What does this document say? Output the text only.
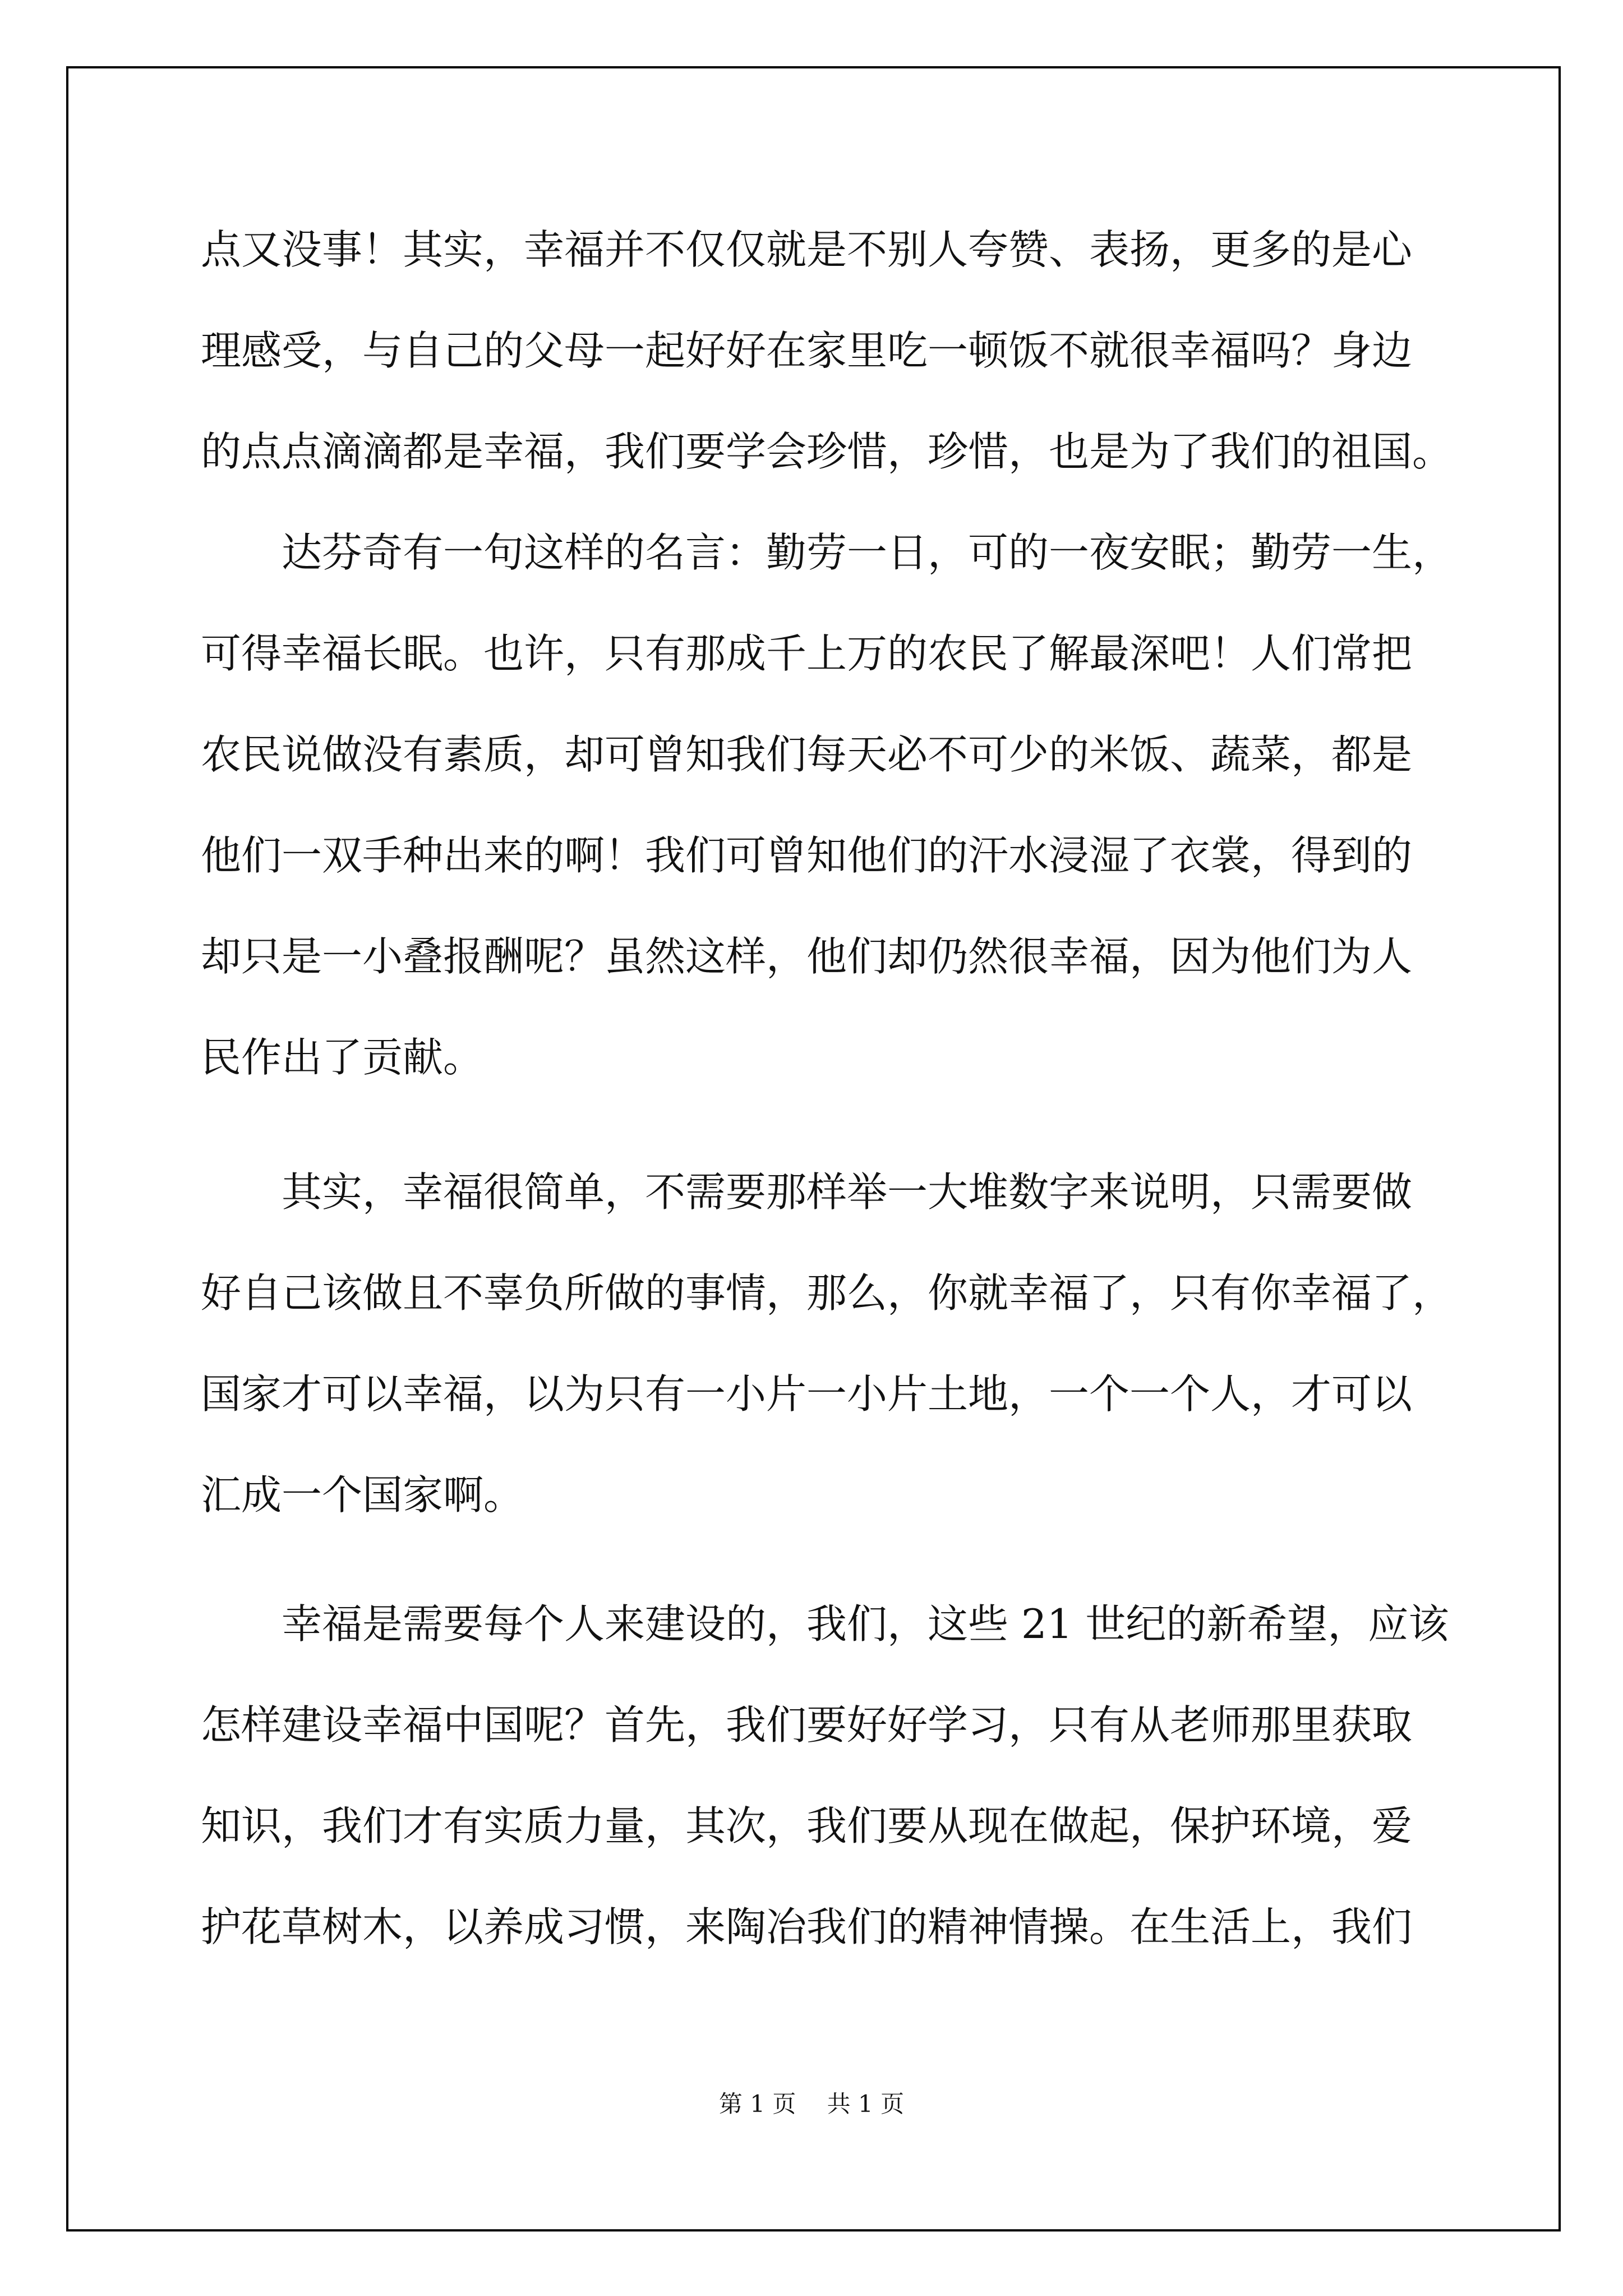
点又没事！其实，幸福并不仅仅就是不别人夸赞、表扬，更多的是心
理感受，与自己的父母一起好好在家里吃一顿饭不就很幸福吗？身边
的点点滴滴都是幸福，我们要学会珍惜，珍惜，也是为了我们的祖国。
　　达芬奇有一句这样的名言：勤劳一日，可的一夜安眠；勤劳一生，
可得幸福长眠。也许，只有那成千上万的农民了解最深吧！人们常把
农民说做没有素质，却可曾知我们每天必不可少的米饭、蔬菜，都是
他们一双手种出来的啊！我们可曾知他们的汗水浸湿了衣裳，得到的
却只是一小叠报酬呢？虽然这样，他们却仍然很幸福，因为他们为人
民作出了贡献。
　　其实，幸福很简单，不需要那样举一大堆数字来说明，只需要做
好自己该做且不辜负所做的事情，那么，你就幸福了，只有你幸福了，
国家才可以幸福，以为只有一小片一小片土地，一个一个人，才可以
汇成一个国家啊。
　　幸福是需要每个人来建设的，我们，这些 21 世纪的新希望，应该
怎样建设幸福中国呢？首先，我们要好好学习，只有从老师那里获取
知识，我们才有实质力量，其次，我们要从现在做起，保护环境，爱
护花草树木，以养成习惯，来陶冶我们的精神情操。在生活上，我们
第 1 页　 共 1 页
